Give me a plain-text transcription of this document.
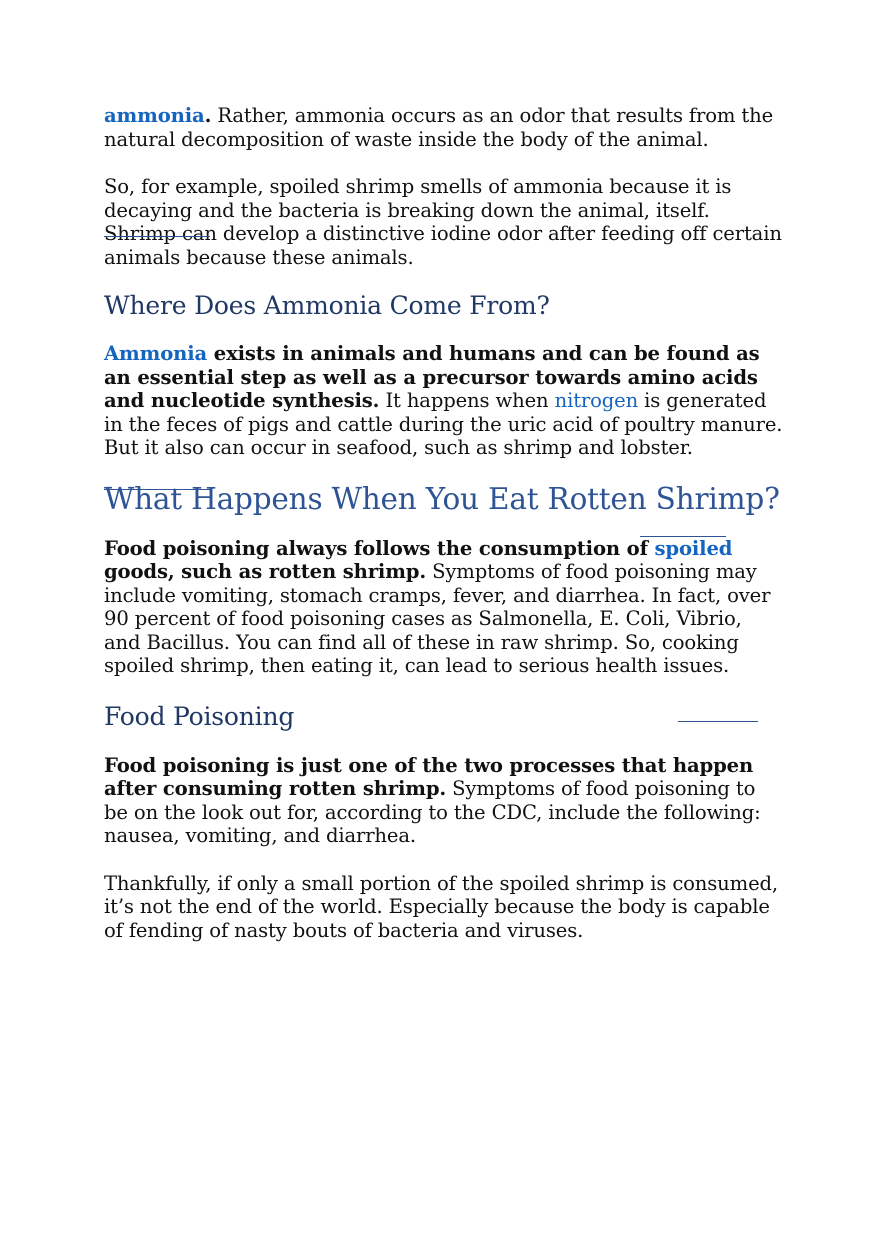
ammonia. Rather, ammonia occurs as an odor that results from the natural decomposition of waste inside the body of the animal.

So, for example, spoiled shrimp smells of ammonia because it is decaying and the bacteria is breaking down the animal, itself. Shrimp can develop a distinctive iodine odor after feeding off certain animals because these animals.

Where Does Ammonia Come From?

Ammonia exists in animals and humans and can be found as an essential step as well as a precursor towards amino acids and nucleotide synthesis. It happens when nitrogen is generated in the feces of pigs and cattle during the uric acid of poultry manure. But it also can occur in seafood, such as shrimp and lobster.

What Happens When You Eat Rotten Shrimp?

Food poisoning always follows the consumption of spoiled goods, such as rotten shrimp. Symptoms of food poisoning may include vomiting, stomach cramps, fever, and diarrhea. In fact, over 90 percent of food poisoning cases as Salmonella, E. Coli, Vibrio, and Bacillus. You can find all of these in raw shrimp. So, cooking spoiled shrimp, then eating it, can lead to serious health issues.

Food Poisoning

Food poisoning is just one of the two processes that happen after consuming rotten shrimp. Symptoms of food poisoning to be on the look out for, according to the CDC, include the following: nausea, vomiting, and diarrhea.

Thankfully, if only a small portion of the spoiled shrimp is consumed, it’s not the end of the world. Especially because the body is capable of fending of nasty bouts of bacteria and viruses.
